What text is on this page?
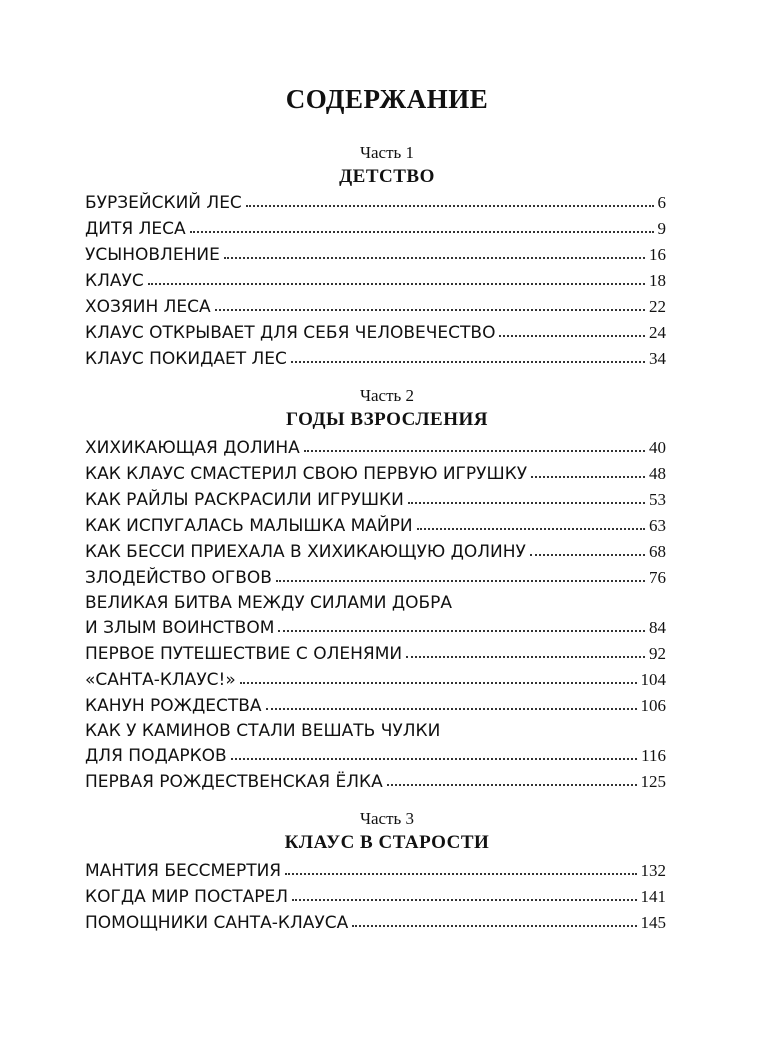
СОДЕРЖАНИЕ
Часть 1
ДЕТСТВО
БУРЗЕЙСКИЙ ЛЕС	6
ДИТЯ ЛЕСА	9
УСЫНОВЛЕНИЕ	16
КЛАУС	18
ХОЗЯИН ЛЕСА	22
КЛАУС ОТКРЫВАЕТ ДЛЯ СЕБЯ ЧЕЛОВЕЧЕСТВО	24
КЛАУС ПОКИДАЕТ ЛЕС	34
Часть 2
ГОДЫ ВЗРОСЛЕНИЯ
ХИХИКАЮЩАЯ ДОЛИНА	40
КАК КЛАУС СМАСТЕРИЛ СВОЮ ПЕРВУЮ ИГРУШКУ	48
КАК РАЙЛЫ РАСКРАСИЛИ ИГРУШКИ	53
КАК ИСПУГАЛАСЬ МАЛЫШКА МАЙРИ	63
КАК БЕССИ ПРИЕХАЛА В ХИХИКАЮЩУЮ ДОЛИНУ	68
ЗЛОДЕЙСТВО ОГВОВ	76
ВЕЛИКАЯ БИТВА МЕЖДУ СИЛАМИ ДОБРА
И ЗЛЫМ ВОИНСТВОМ	84
ПЕРВОЕ ПУТЕШЕСТВИЕ С ОЛЕНЯМИ	92
«САНТА-КЛАУС!»	104
КАНУН РОЖДЕСТВА	106
КАК У КАМИНОВ СТАЛИ ВЕШАТЬ ЧУЛКИ
ДЛЯ ПОДАРКОВ	116
ПЕРВАЯ РОЖДЕСТВЕНСКАЯ ЁЛКА	125
Часть 3
КЛАУС В СТАРОСТИ
МАНТИЯ БЕССМЕРТИЯ	132
КОГДА МИР ПОСТАРЕЛ	141
ПОМОЩНИКИ САНТА-КЛАУСА	145
